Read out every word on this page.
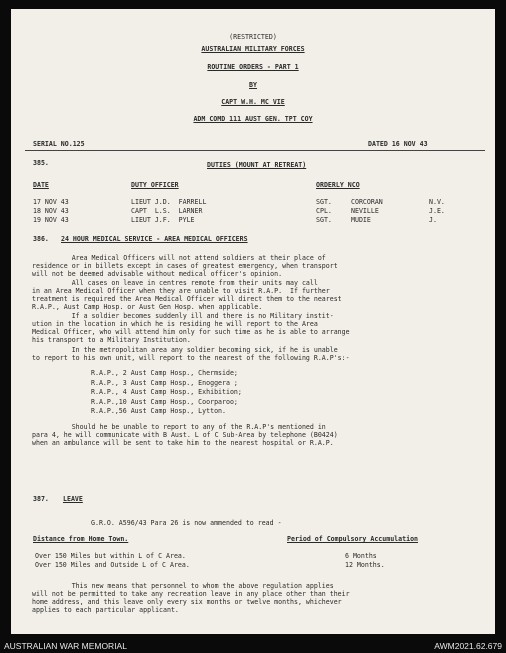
(RESTRICTED)
AUSTRALIAN MILITARY FORCES
ROUTINE ORDERS - PART 1
BY
CAPT W.H. MC VIE
ADM COMD 111 AUST GEN. TPT COY
SERIAL NO.125	DATED 16 NOV 43
385.	DUTIES (MOUNT AT RETREAT)
DATE	DUTY OFFICER	ORDERLY NCO
17 NOV 43	LIEUT J.D.  FARRELL	SGT.	CORCORAN	N.V.
18 NOV 43	CAPT  L.S.  LARNER	CPL.	NEVILLE	J.E.
19 NOV 43	LIEUT J.F.  PYLE	SGT.	MUDIE	J.
386. 24 HOUR MEDICAL SERVICE - AREA MEDICAL OFFICERS
Area Medical Officers will not attend soldiers at their place of
residence or in billets except in cases of greatest emergency, when transport
will not be deemed advisable without medical officer's opinion.
All cases on leave in centres remote from their units may call
in an Area Medical Officer when they are unable to visit R.A.P.  If further
treatment is required the Area Medical Officer will direct them to the nearest
R.A.P., Aust Camp Hosp. or Aust Gen Hosp. when applicable.
If a soldier becomes suddenly ill and there is no Military instit-
ution in the location in which he is residing he will report to the Area
Medical Officer, who will attend him only for such time as he is able to arrange
his transport to a Military Institution.
In the metropolitan area any soldier becoming sick, if he is unable
to report to his own unit, will report to the nearest of the following R.A.P's:-
R.A.P., 2 Aust Camp Hosp., Chermside;
R.A.P., 3 Aust Camp Hosp., Enoggera ;
R.A.P., 4 Aust Camp Hosp., Exhibition;
R.A.P.,10 Aust Camp Hosp., Coorparoo;
R.A.P.,56 Aust Camp Hosp., Lytton.
Should he be unable to report to any of the R.A.P's mentioned in
para 4, he will communicate with B Aust. L of C Sub-Area by telephone (B0424)
when an ambulance will be sent to take him to the nearest hospital or R.A.P.
387. LEAVE
G.R.O. A596/43 Para 26 is now ammended to read -
Distance from Home Town.	Period of Compulsory Accumulation
Over 150 Miles but within L of C Area.	6 Months
Over 150 Miles and Outside L of C Area.	12 Months.
This new means that personnel to whom the above regulation applies
will not be permitted to take any recreation leave in any place other than their
home address, and this leave only every six months or twelve months, whichever
applies to each particular applicant.
AUSTRALIAN WAR MEMORIAL	AWM2021.62.679
